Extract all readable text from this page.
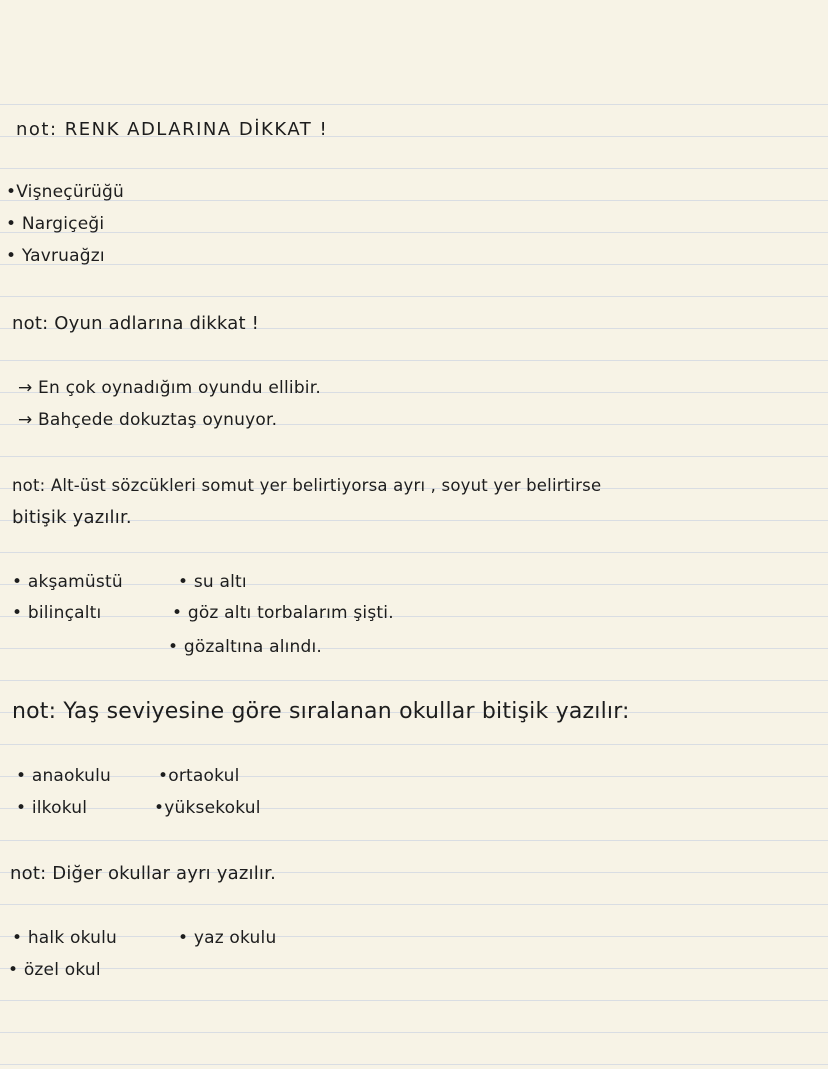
not: RENK ADLARINA DİKKAT !
•Vişneçürüğü
• Nargiçeği
• Yavruağzı
not: Oyun adlarına dikkat !
→ En çok oynadığım oyundu ellibir.
→ Bahçede dokuztaş oynuyor.
not: Alt-üst sözcükleri somut yer belirtiyorsa ayrı , soyut yer belirtirse
bitişik yazılır.
• akşamüstü
• bilinçaltı
• su altı
• göz altı torbalarım şişti.
• gözaltına alındı.
not: Yaş seviyesine göre sıralanan okullar bitişik yazılır:
• anaokulu
• ilkokul
•ortaokul
•yüksekokul
not: Diğer okullar ayrı yazılır.
• halk okulu
• özel okul
• yaz okulu
